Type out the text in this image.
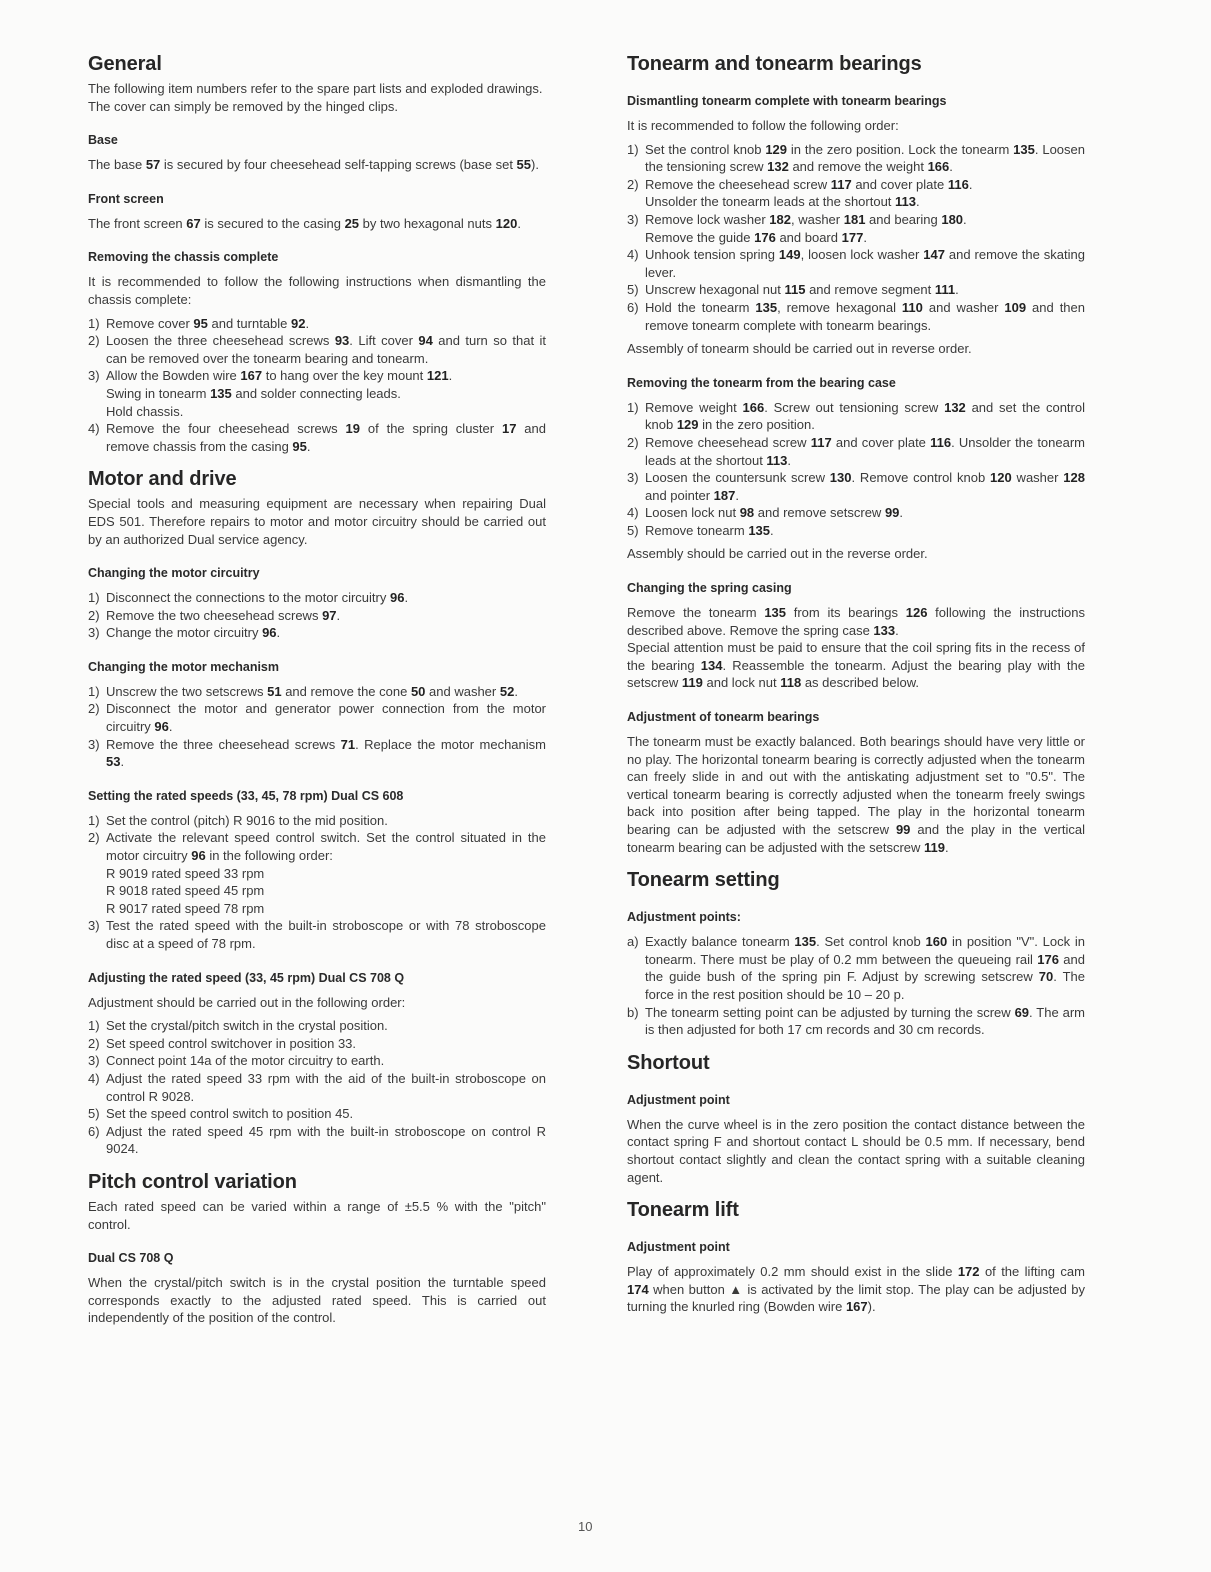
General
The following item numbers refer to the spare part lists and exploded drawings.
The cover can simply be removed by the hinged clips.
Base
The base 57 is secured by four cheesehead self-tapping screws (base set 55).
Front screen
The front screen 67 is secured to the casing 25 by two hexagonal nuts 120.
Removing the chassis complete
It is recommended to follow the following instructions when dismantling the chassis complete:
1) Remove cover 95 and turntable 92.
2) Loosen the three cheesehead screws 93. Lift cover 94 and turn so that it can be removed over the tonearm bearing and tonearm.
3) Allow the Bowden wire 167 to hang over the key mount 121.
Swing in tonearm 135 and solder connecting leads.
Hold chassis.
4) Remove the four cheesehead screws 19 of the spring cluster 17 and remove chassis from the casing 95.
Motor and drive
Special tools and measuring equipment are necessary when repairing Dual EDS 501. Therefore repairs to motor and motor circuitry should be carried out by an authorized Dual service agency.
Changing the motor circuitry
1) Disconnect the connections to the motor circuitry 96.
2) Remove the two cheesehead screws 97.
3) Change the motor circuitry 96.
Changing the motor mechanism
1) Unscrew the two setscrews 51 and remove the cone 50 and washer 52.
2) Disconnect the motor and generator power connection from the motor circuitry 96.
3) Remove the three cheesehead screws 71. Replace the motor mechanism 53.
Setting the rated speeds (33, 45, 78 rpm) Dual CS 608
1) Set the control (pitch) R 9016 to the mid position.
2) Activate the relevant speed control switch. Set the control situated in the motor circuitry 96 in the following order:
R 9019 rated speed 33 rpm
R 9018 rated speed 45 rpm
R 9017 rated speed 78 rpm
3) Test the rated speed with the built-in stroboscope or with 78 stroboscope disc at a speed of 78 rpm.
Adjusting the rated speed (33, 45 rpm) Dual CS 708 Q
Adjustment should be carried out in the following order:
1) Set the crystal/pitch switch in the crystal position.
2) Set speed control switchover in position 33.
3) Connect point 14a of the motor circuitry to earth.
4) Adjust the rated speed 33 rpm with the aid of the built-in stroboscope on control R 9028.
5) Set the speed control switch to position 45.
6) Adjust the rated speed 45 rpm with the built-in stroboscope on control R 9024.
Pitch control variation
Each rated speed can be varied within a range of ±5.5 % with the "pitch" control.
Dual CS 708 Q
When the crystal/pitch switch is in the crystal position the turntable speed corresponds exactly to the adjusted rated speed. This is carried out independently of the position of the control.
Tonearm and tonearm bearings
Dismantling tonearm complete with tonearm bearings
It is recommended to follow the following order:
1) Set the control knob 129 in the zero position. Lock the tonearm 135. Loosen the tensioning screw 132 and remove the weight 166.
2) Remove the cheesehead screw 117 and cover plate 116.
Unsolder the tonearm leads at the shortout 113.
3) Remove lock washer 182, washer 181 and bearing 180.
Remove the guide 176 and board 177.
4) Unhook tension spring 149, loosen lock washer 147 and remove the skating lever.
5) Unscrew hexagonal nut 115 and remove segment 111.
6) Hold the tonearm 135, remove hexagonal 110 and washer 109 and then remove tonearm complete with tonearm bearings.
Assembly of tonearm should be carried out in reverse order.
Removing the tonearm from the bearing case
1) Remove weight 166. Screw out tensioning screw 132 and set the control knob 129 in the zero position.
2) Remove cheesehead screw 117 and cover plate 116. Unsolder the tonearm leads at the shortout 113.
3) Loosen the countersunk screw 130. Remove control knob 120 washer 128 and pointer 187.
4) Loosen lock nut 98 and remove setscrew 99.
5) Remove tonearm 135.
Assembly should be carried out in the reverse order.
Changing the spring casing
Remove the tonearm 135 from its bearings 126 following the instructions described above. Remove the spring case 133.
Special attention must be paid to ensure that the coil spring fits in the recess of the bearing 134. Reassemble the tonearm. Adjust the bearing play with the setscrew 119 and lock nut 118 as described below.
Adjustment of tonearm bearings
The tonearm must be exactly balanced. Both bearings should have very little or no play. The horizontal tonearm bearing is correctly adjusted when the tonearm can freely slide in and out with the antiskating adjustment set to "0.5". The vertical tonearm bearing is correctly adjusted when the tonearm freely swings back into position after being tapped. The play in the horizontal tonearm bearing can be adjusted with the setscrew 99 and the play in the vertical tonearm bearing can be adjusted with the setscrew 119.
Tonearm setting
Adjustment points:
a) Exactly balance tonearm 135. Set control knob 160 in position "V". Lock in tonearm. There must be play of 0.2 mm between the queueing rail 176 and the guide bush of the spring pin F. Adjust by screwing setscrew 70. The force in the rest position should be 10 – 20 p.
b) The tonearm setting point can be adjusted by turning the screw 69. The arm is then adjusted for both 17 cm records and 30 cm records.
Shortout
Adjustment point
When the curve wheel is in the zero position the contact distance between the contact spring F and shortout contact L should be 0.5 mm. If necessary, bend shortout contact slightly and clean the contact spring with a suitable cleaning agent.
Tonearm lift
Adjustment point
Play of approximately 0.2 mm should exist in the slide 172 of the lifting cam 174 when button ▲ is activated by the limit stop. The play can be adjusted by turning the knurled ring (Bowden wire 167).
10
